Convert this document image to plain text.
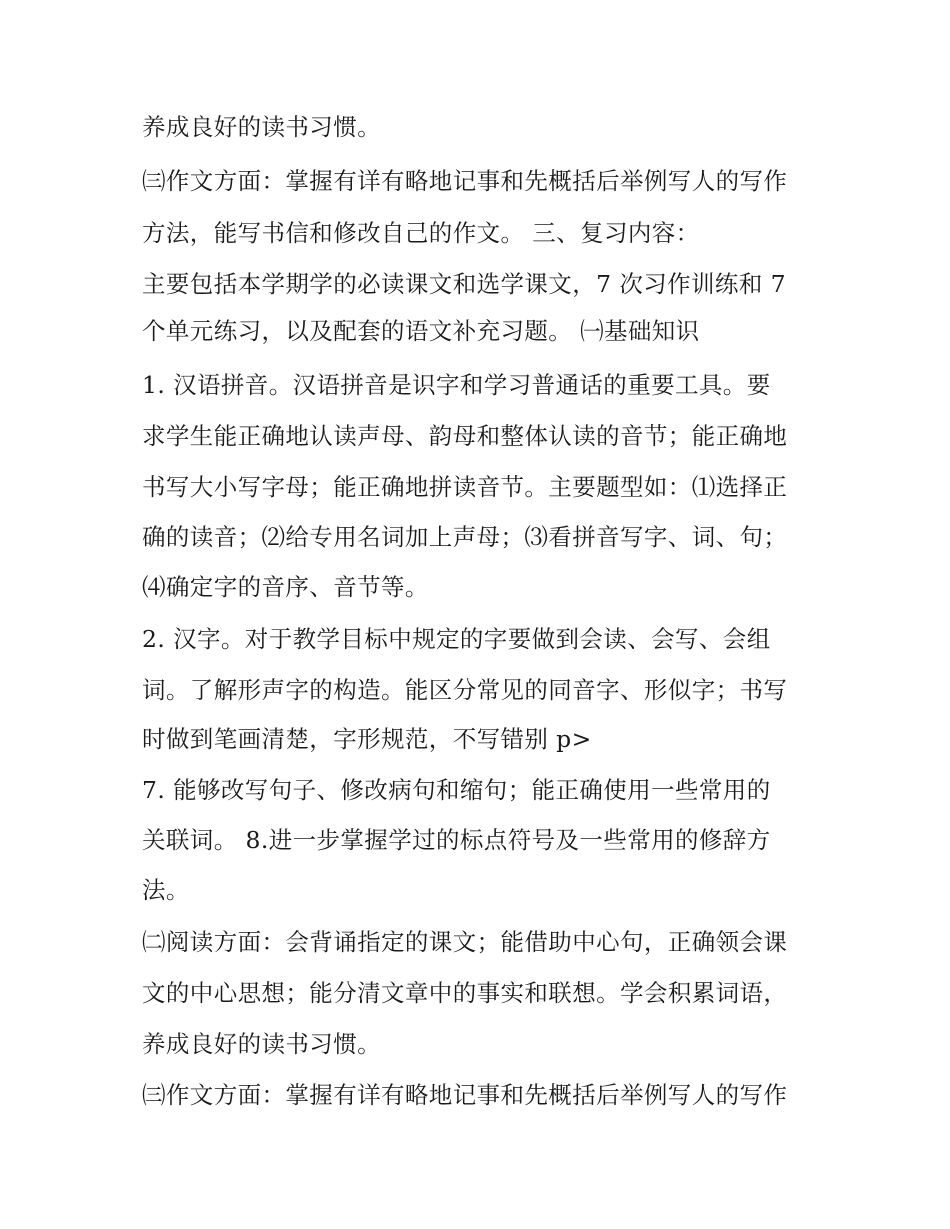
养成良好的读书习惯。
㈢作文方面：掌握有详有略地记事和先概括后举例写人的写作
方法，能写书信和修改自己的作文。 三、复习内容：
主要包括本学期学的必读课文和选学课文，7 次习作训练和 7
个单元练习，以及配套的语文补充习题。 ㈠基础知识
1. 汉语拼音。汉语拼音是识字和学习普通话的重要工具。要
求学生能正确地认读声母、韵母和整体认读的音节；能正确地
书写大小写字母；能正确地拼读音节。主要题型如：⑴选择正
确的读音；⑵给专用名词加上声母；⑶看拼音写字、词、句；
⑷确定字的音序、音节等。
2. 汉字。对于教学目标中规定的字要做到会读、会写、会组
词。了解形声字的构造。能区分常见的同音字、形似字；书写
时做到笔画清楚，字形规范，不写错别 p>
7. 能够改写句子、修改病句和缩句；能正确使用一些常用的
关联词。 8.进一步掌握学过的标点符号及一些常用的修辞方
法。
㈡阅读方面：会背诵指定的课文；能借助中心句，正确领会课
文的中心思想；能分清文章中的事实和联想。学会积累词语，
养成良好的读书习惯。
㈢作文方面：掌握有详有略地记事和先概括后举例写人的写作
